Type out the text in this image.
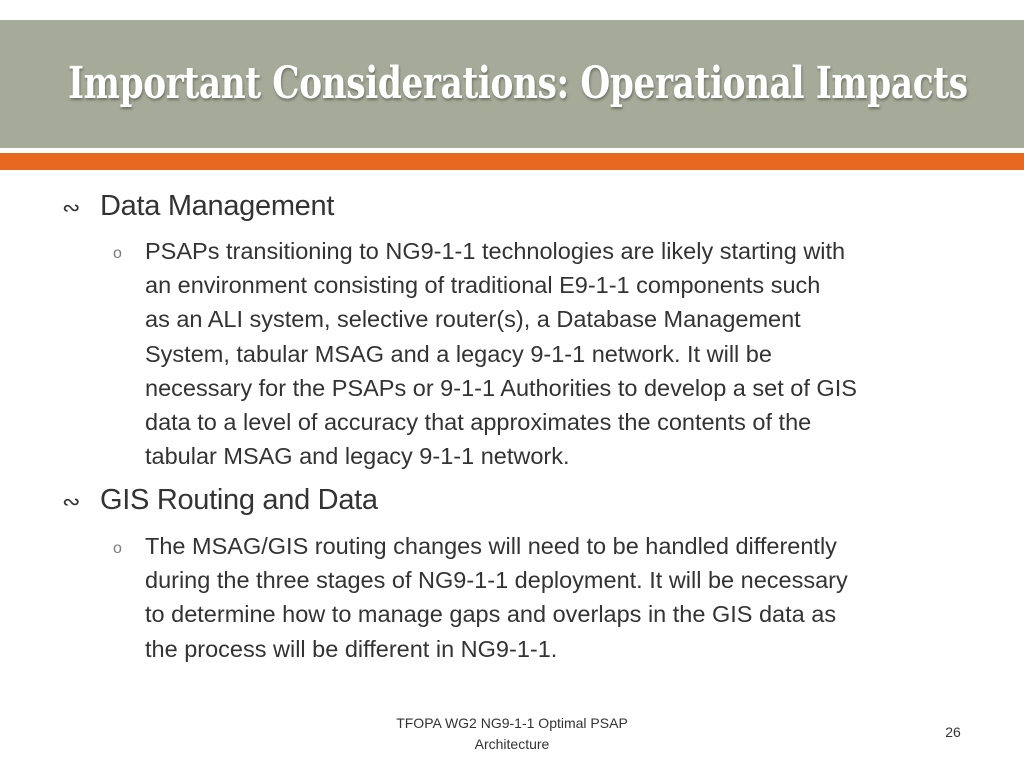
Important Considerations: Operational Impacts
∾ Data Management
o PSAPs transitioning to NG9-1-1 technologies are likely starting with
an environment consisting of traditional E9-1-1 components such
as an ALI system, selective router(s), a Database Management
System, tabular MSAG and a legacy 9-1-1 network. It will be
necessary for the PSAPs or 9-1-1 Authorities to develop a set of GIS
data to a level of accuracy that approximates the contents of the
tabular MSAG and legacy 9-1-1 network.
∾ GIS Routing and Data
o The MSAG/GIS routing changes will need to be handled differently
during the three stages of NG9-1-1 deployment. It will be necessary
to determine how to manage gaps and overlaps in the GIS data as
the process will be different in NG9-1-1.
TFOPA WG2 NG9-1-1 Optimal PSAP
Architecture
26
